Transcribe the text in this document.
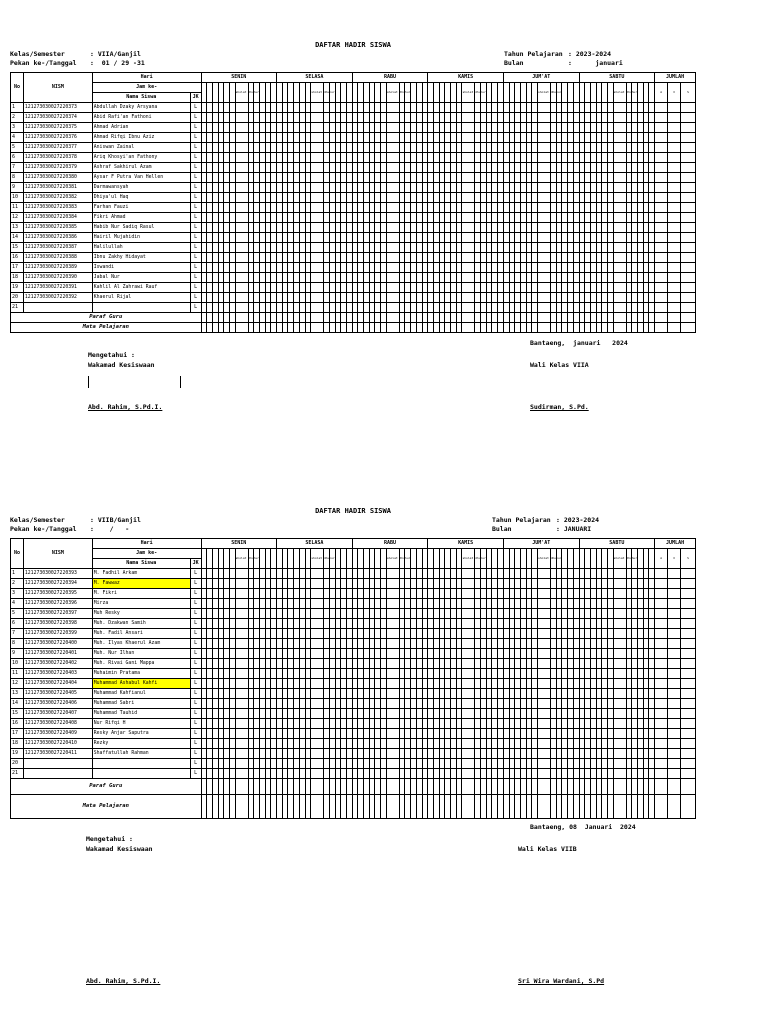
DAFTAR HADIR SISWA
Kelas/Semester	: VIIA/Ganjil
Pekan ke-/Tanggal	:  01 / 29 -31
Tahun Pelajaran : 2023-2024
Bulan	:      januari
No	NISM	Hari	SENIN	SELASA	RABU	KAMIS	JUM'AT	SABTU	JUMLAH
Jam ke-							sholat dhuhur												sholat dhuhur												sholat dhuhur												sholat dhuhur												sholat dhuhur												sholat dhuhur						A	I	S
Nama Siswa	JK
1	121273030027220373	Abdullah Dzaky Arsyana	L																																																																											
2	121273030027220374	Abid Rafi'an Fathoni	L																																																																											
3	121273030027220375	Ahmad Adrian	L																																																																											
4	121273030027220376	Ahmad Rifqi Ibnu Aziz	L																																																																											
5	121273030027220377	Aniswan Zainal	L																																																																											
6	121273030027220378	Ariq Khosyi'an Fathony	L																																																																											
7	121273030027220379	Ashraf Sakhirul Azam	L																																																																											
8	121273030027220380	Aysar F Putra Van Hellen	L																																																																											
9	121273030027220381	Darmawansyah	L																																																																											
10	121273030027220382	Dhiya'ul Haq	L																																																																											
11	121273030027220383	Farhan Fauzi	L																																																																											
12	121273030027220384	Fikri Ahmad	L																																																																											
13	121273030027220385	Habib Nur Sadiq Rasul	L																																																																											
14	121273030027220386	Hairil Mujahidin	L																																																																											
15	121273030027220387	Halilullah	L																																																																											
16	121273030027220388	Ibnu Zakhy Hidayat	L																																																																											
17	121273030027220389	Iswandi	L																																																																											
18	121273030027220390	Jabal Nur	L																																																																											
19	121273030027220391	Kahlil Al Zahrawi Rauf	L																																																																											
20	121273030027220392	Khaerul Rijal	L																																																																											
21			L																																																																											
Paraf Guru																																																																											
Mata Pelajaran																																																																											
Bantaeng,  januari   2024
Mengetahui :
Wakamad Kesiswaan	Wali Kelas VIIA
Abd. Rahim, S.Pd.I.	Sudirman, S.Pd.
DAFTAR HADIR SISWA
Kelas/Semester	: VIIB/Ganjil
Pekan ke-/Tanggal	:    /   -
Tahun Pelajaran : 2023-2024
Bulan	: JANUARI
No	NISM	Hari	SENIN	SELASA	RABU	KAMIS	JUM'AT	SABTU	JUMLAH
Jam ke-							sholat dhuhur												sholat dhuhur												sholat dhuhur												sholat dhuhur												sholat dhuhur												sholat dhuhur						A	I	S
Nama Siswa	JK
1	121273030027220393	M. Fadhil Arkam	L																																																																											
2	121273030027220394	M. Fawwaz	L																																																																											
3	121273030027220395	M. Fikri	L																																																																											
4	121273030027220396	Mirza	L																																																																											
5	121273030027220397	Muh Resky	L																																																																											
6	121273030027220398	Muh. Dzakwan Samih	L																																																																											
7	121273030027220399	Muh. Fadil Ansari	L																																																																											
8	121273030027220400	Muh. Ilyas Khaerul Azam	L																																																																											
9	121273030027220401	Muh. Nur Ilhan	L																																																																											
10	121273030027220402	Muh. Rivai Gani Mappa	L																																																																											
11	121273030027220403	Muhaimin Pratama	L																																																																											
12	121273030027220404	Muhammad Ashabul Kahfi	L																																																																											
13	121273030027220405	Muhammad Kahfianul	L																																																																											
14	121273030027220406	Muhammad Sabri	L																																																																											
15	121273030027220407	Muhammad Tauhid	L																																																																											
16	121273030027220408	Nur Rifqi H	L																																																																											
17	121273030027220409	Resky Anjar Saputra	L																																																																											
18	121273030027220410	Rezky	L																																																																											
19	121273030027220411	Shaffatullah Rahman	L																																																																											
20			L																																																																											
21			L																																																																											
Paraf Guru																																																																											
Mata Pelajaran																																																																											
Bantaeng, 08  Januari  2024
Mengetahui :
Wakamad Kesiswaan	Wali Kelas VIIB
Abd. Rahim, S.Pd.I.	Sri Wira Wardani, S.Pd
